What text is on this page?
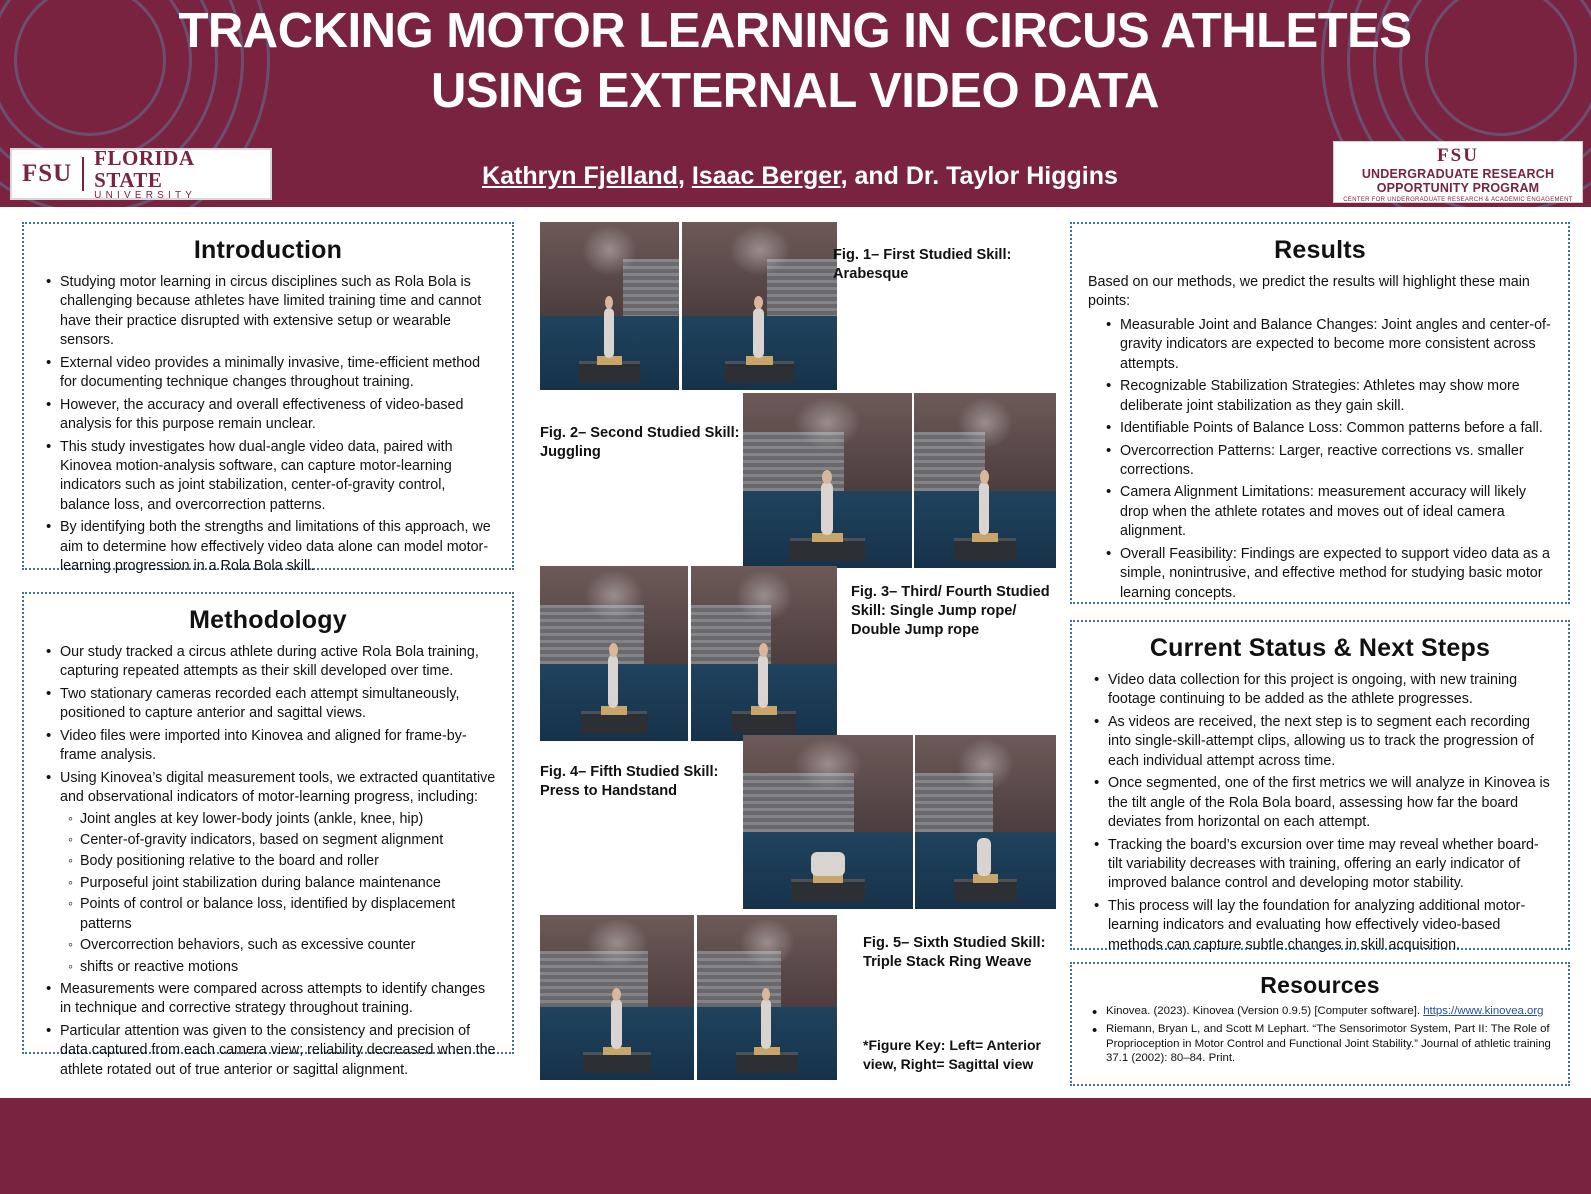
TRACKING MOTOR LEARNING IN CIRCUS ATHLETES USING EXTERNAL VIDEO DATA
Kathryn Fjelland, Isaac Berger, and Dr. Taylor Higgins
FSU
FLORIDA STATE
UNIVERSITY
FSU
UNDERGRADUATE RESEARCH OPPORTUNITY PROGRAM
CENTER FOR UNDERGRADUATE RESEARCH & ACADEMIC ENGAGEMENT
Introduction
• Studying motor learning in circus disciplines such as Rola Bola is challenging because athletes have limited training time and cannot have their practice disrupted with extensive setup or wearable sensors.
• External video provides a minimally invasive, time-efficient method for documenting technique changes throughout training.
• However, the accuracy and overall effectiveness of video-based analysis for this purpose remain unclear.
• This study investigates how dual-angle video data, paired with Kinovea motion-analysis software, can capture motor-learning indicators such as joint stabilization, center-of-gravity control, balance loss, and overcorrection patterns.
• By identifying both the strengths and limitations of this approach, we aim to determine how effectively video data alone can model motor-learning progression in a Rola Bola skill.
Methodology
• Our study tracked a circus athlete during active Rola Bola training, capturing repeated attempts as their skill developed over time.
• Two stationary cameras recorded each attempt simultaneously, positioned to capture anterior and sagittal views.
• Video files were imported into Kinovea and aligned for frame-by-frame analysis.
• Using Kinovea’s digital measurement tools, we extracted quantitative and observational indicators of motor-learning progress, including:
◦ Joint angles at key lower-body joints (ankle, knee, hip)
◦ Center-of-gravity indicators, based on segment alignment
◦ Body positioning relative to the board and roller
◦ Purposeful joint stabilization during balance maintenance
◦ Points of control or balance loss, identified by displacement patterns
◦ Overcorrection behaviors, such as excessive counter
◦ shifts or reactive motions
• Measurements were compared across attempts to identify changes in technique and corrective strategy throughout training.
• Particular attention was given to the consistency and precision of data captured from each camera view; reliability decreased when the athlete rotated out of true anterior or sagittal alignment.
Results

Based on our methods, we predict the results will highlight these main points:

• Measurable Joint and Balance Changes: Joint angles and center-of-gravity indicators are expected to become more consistent across attempts.
• Recognizable Stabilization Strategies: Athletes may show more deliberate joint stabilization as they gain skill.
• Identifiable Points of Balance Loss: Common patterns before a fall.
• Overcorrection Patterns: Larger, reactive corrections vs. smaller corrections.
• Camera Alignment Limitations: measurement accuracy will likely drop when the athlete rotates and moves out of ideal camera alignment.
• Overall Feasibility: Findings are expected to support video data as a simple, nonintrusive, and effective method for studying basic motor learning concepts.
Current Status & Next Steps
• Video data collection for this project is ongoing, with new training footage continuing to be added as the athlete progresses.
• As videos are received, the next step is to segment each recording into single-skill-attempt clips, allowing us to track the progression of each individual attempt across time.
• Once segmented, one of the first metrics we will analyze in Kinovea is the tilt angle of the Rola Bola board, assessing how far the board deviates from horizontal on each attempt.
• Tracking the board’s excursion over time may reveal whether board-tilt variability decreases with training, offering an early indicator of improved balance control and developing motor stability.
• This process will lay the foundation for analyzing additional motor-learning indicators and evaluating how effectively video-based methods can capture subtle changes in skill acquisition.
Resources
• Kinovea. (2023). Kinovea (Version 0.9.5) [Computer software]. https://www.kinovea.org
• Riemann, Bryan L, and Scott M Lephart. “The Sensorimotor System, Part II: The Role of Proprioception in Motor Control and Functional Joint Stability.” Journal of athletic training 37.1 (2002): 80–84. Print.
Fig. 1– First Studied Skill: Arabesque
Fig. 2– Second Studied Skill: Juggling
Fig. 3– Third/ Fourth Studied Skill: Single Jump rope/ Double Jump rope
Fig. 4– Fifth Studied Skill: Press to Handstand
Fig. 5– Sixth Studied Skill: Triple Stack Ring Weave
*Figure Key: Left= Anterior view, Right= Sagittal view
